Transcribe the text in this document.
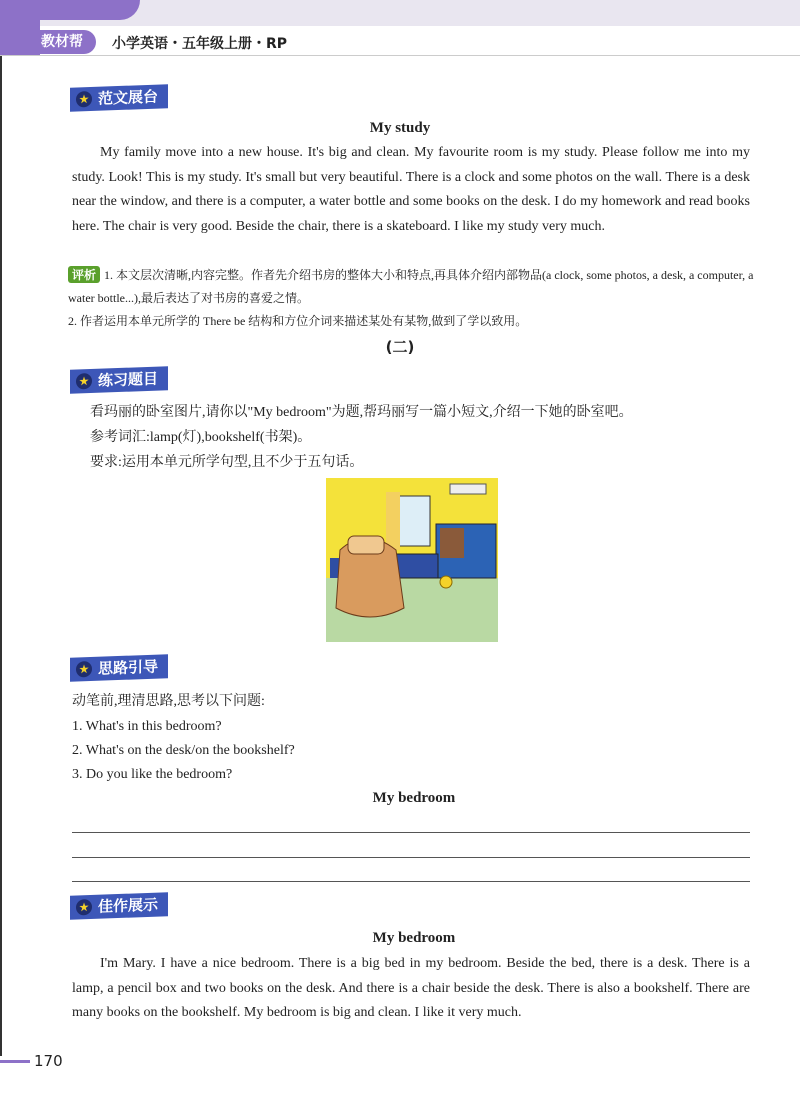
教材帮	小学英语・五年级上册・RP
★ 范文展台
My study
My family move into a new house. It's big and clean. My favourite room is my study. Please follow me into my study. Look! This is my study. It's small but very beautiful. There is a clock and some photos on the wall. There is a desk near the window, and there is a computer, a water bottle and some books on the desk. I do my homework and read books here. The chair is very good. Beside the chair, there is a skateboard. I like my study very much.
评析 1. 本文层次清晰,内容完整。作者先介绍书房的整体大小和特点,再具体介绍内部物品(a clock, some photos, a desk, a computer, a water bottle...),最后表达了对书房的喜爱之情。
2. 作者运用本单元所学的 There be 结构和方位介词来描述某处有某物,做到了学以致用。
(二)
★ 练习题目
看玛丽的卧室图片,请你以"My bedroom"为题,帮玛丽写一篇小短文,介绍一下她的卧室吧。
参考词汇:lamp(灯),bookshelf(书架)。
要求:运用本单元所学句型,且不少于五句话。
★ 思路引导
动笔前,理清思路,思考以下问题:
1. What's in this bedroom?
2. What's on the desk/on the bookshelf?
3. Do you like the bedroom?
My bedroom
★ 佳作展示
My bedroom
I'm Mary. I have a nice bedroom. There is a big bed in my bedroom. Beside the bed, there is a desk. There is a lamp, a pencil box and two books on the desk. And there is a chair beside the desk. There is also a bookshelf. There are many books on the bookshelf. My bedroom is big and clean. I like it very much.
170
